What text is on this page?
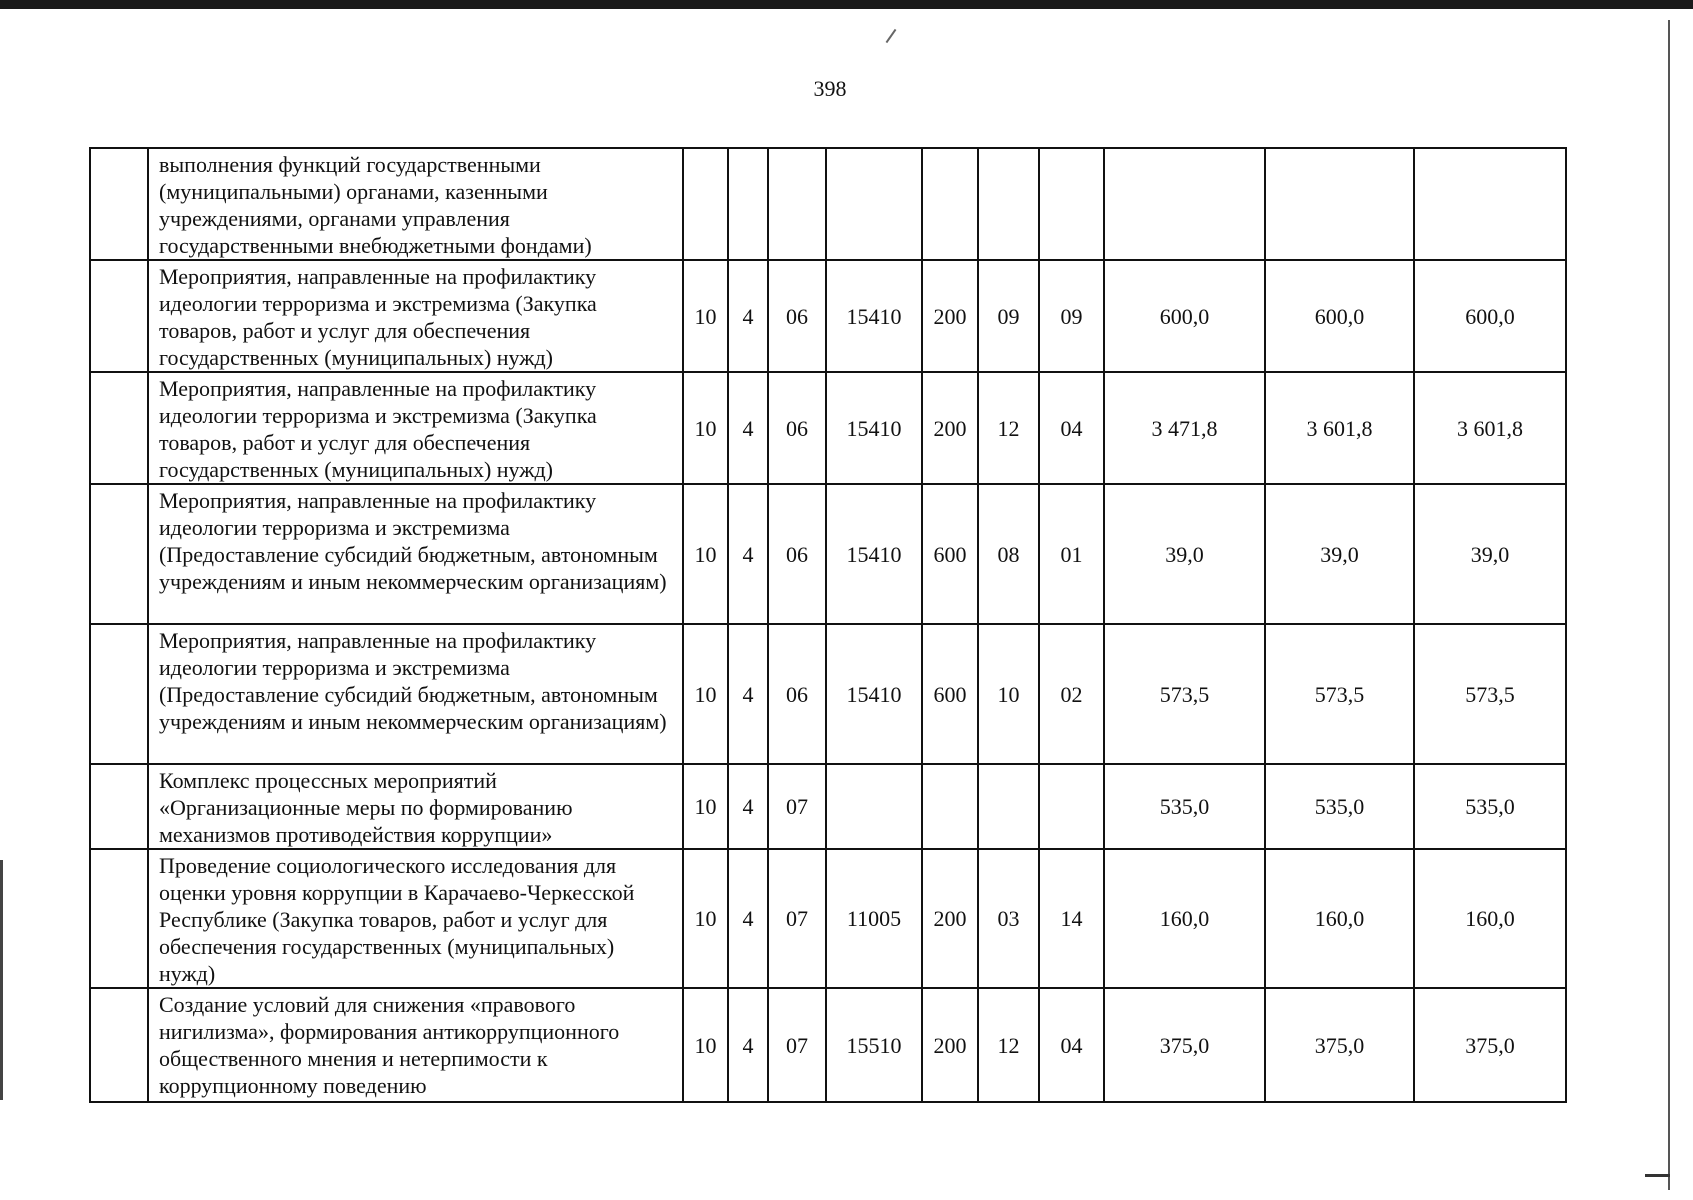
398
	выполнения функций государственными (муниципальными) органами, казенными учреждениями, органами управления государственными внебюджетными фондами)										
	Мероприятия, направленные на профилактику идеологии терроризма и экстремизма (Закупка товаров, работ и услуг для обеспечения государственных (муниципальных) нужд)	10	4	06	15410	200	09	09	600,0	600,0	600,0
	Мероприятия, направленные на профилактику идеологии терроризма и экстремизма (Закупка товаров, работ и услуг для обеспечения государственных (муниципальных) нужд)	10	4	06	15410	200	12	04	3 471,8	3 601,8	3 601,8
	Мероприятия, направленные на профилактику идеологии терроризма и экстремизма (Предоставление субсидий бюджетным, автономным учреждениям и иным некоммерческим организациям)	10	4	06	15410	600	08	01	39,0	39,0	39,0
	Мероприятия, направленные на профилактику идеологии терроризма и экстремизма (Предоставление субсидий бюджетным, автономным учреждениям и иным некоммерческим организациям)	10	4	06	15410	600	10	02	573,5	573,5	573,5
	Комплекс процессных мероприятий «Организационные меры по формированию механизмов противодействия коррупции»	10	4	07					535,0	535,0	535,0
	Проведение социологического исследования для оценки уровня коррупции в Карачаево-Черкесской Республике (Закупка товаров, работ и услуг для обеспечения государственных (муниципальных) нужд)	10	4	07	11005	200	03	14	160,0	160,0	160,0
	Создание условий для снижения «правового нигилизма», формирования антикоррупционного общественного мнения и нетерпимости к коррупционному поведению	10	4	07	15510	200	12	04	375,0	375,0	375,0
